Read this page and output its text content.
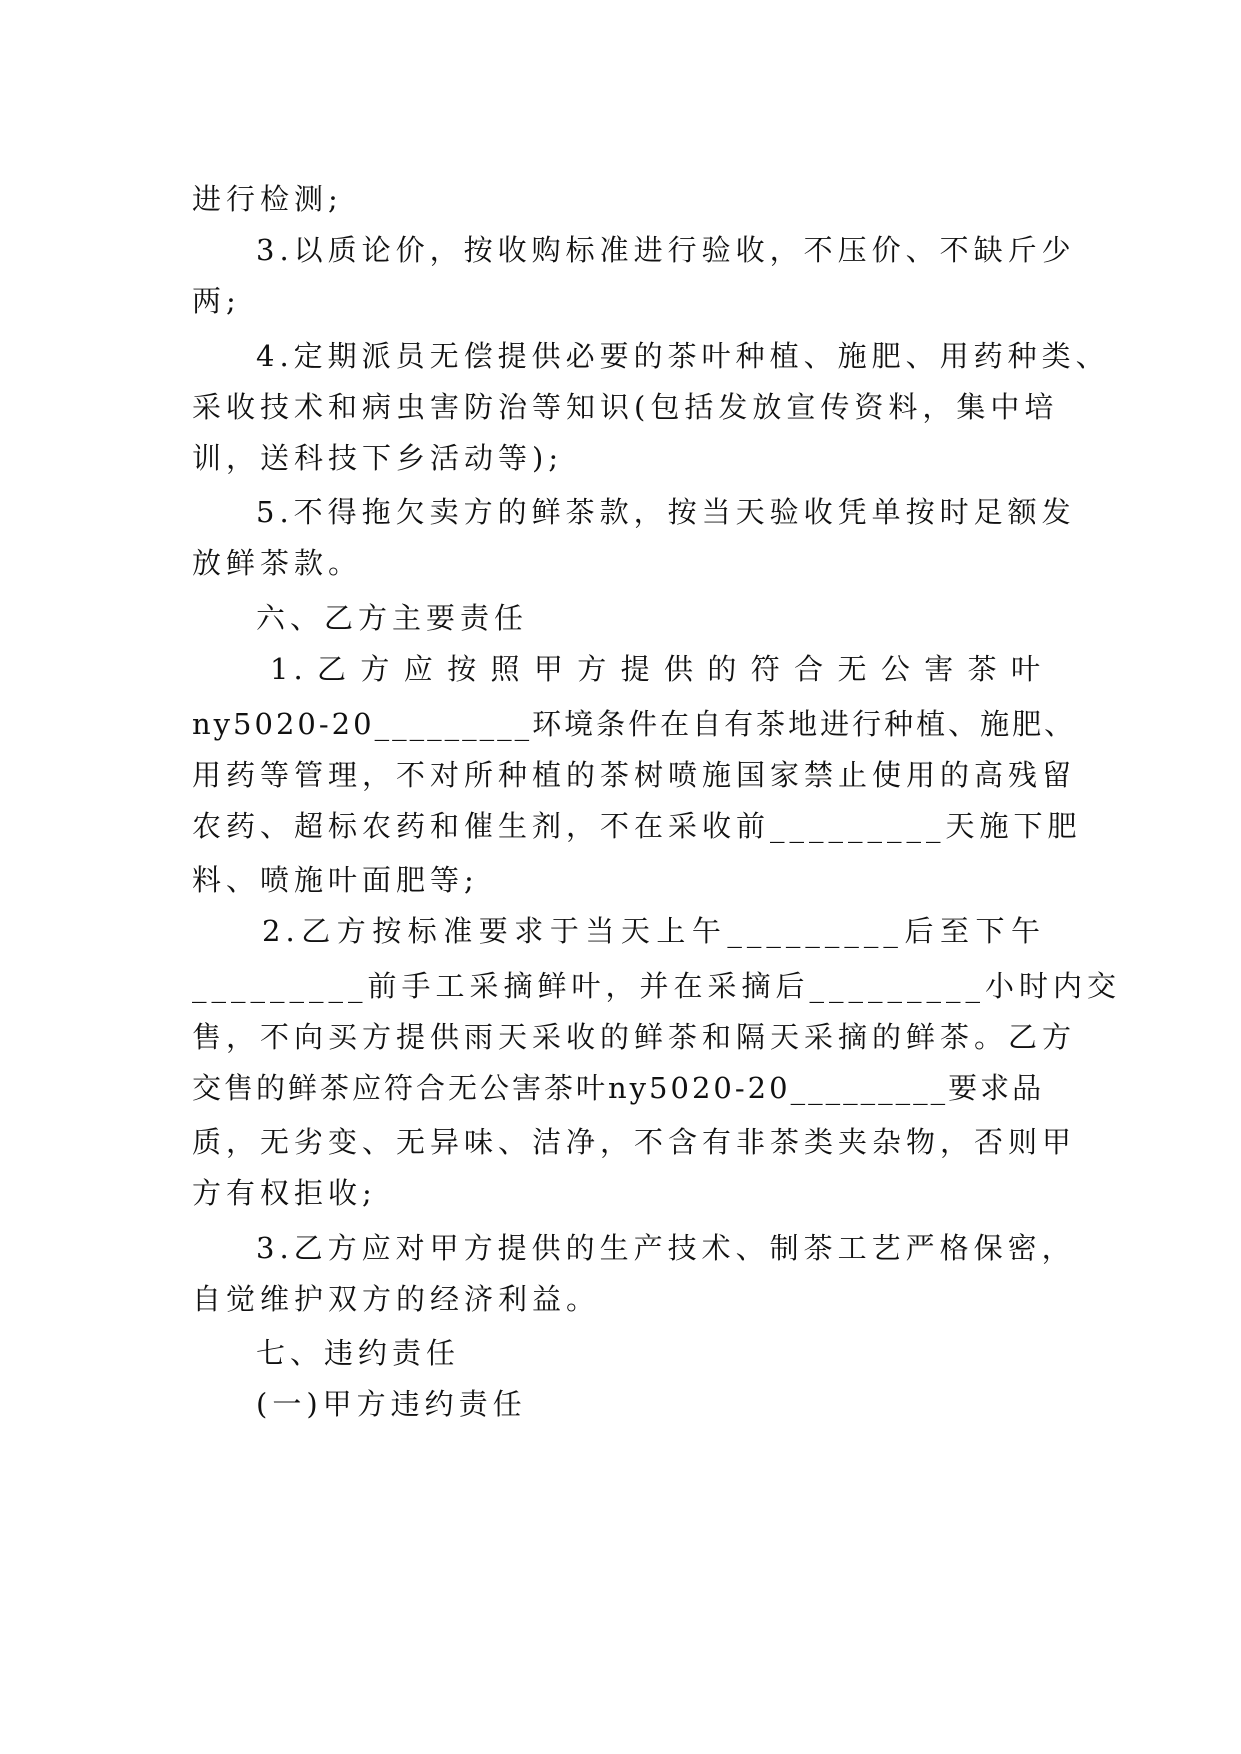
进行检测;

3.以质论价，按收购标准进行验收，不压价、不缺斤少

两;

4.定期派员无偿提供必要的茶叶种植、施肥、用药种类、

采收技术和病虫害防治等知识(包括发放宣传资料，集中培

训，送科技下乡活动等);

5.不得拖欠卖方的鲜茶款，按当天验收凭单按时足额发

放鲜茶款。

六、乙方主要责任

1.乙方应按照甲方提供的符合无公害茶叶

ny5020-20_________环境条件在自有茶地进行种植、施肥、

用药等管理，不对所种植的茶树喷施国家禁止使用的高残留

农药、超标农药和催生剂，不在采收前_________天施下肥

料、喷施叶面肥等;

2.乙方按标准要求于当天上午_________后至下午

_________前手工采摘鲜叶，并在采摘后_________小时内交

售，不向买方提供雨天采收的鲜茶和隔天采摘的鲜茶。乙方

交售的鲜茶应符合无公害茶叶ny5020-20_________要求品

质，无劣变、无异味、洁净，不含有非茶类夹杂物，否则甲

方有权拒收;

3.乙方应对甲方提供的生产技术、制茶工艺严格保密，

自觉维护双方的经济利益。

七、违约责任

(一)甲方违约责任
